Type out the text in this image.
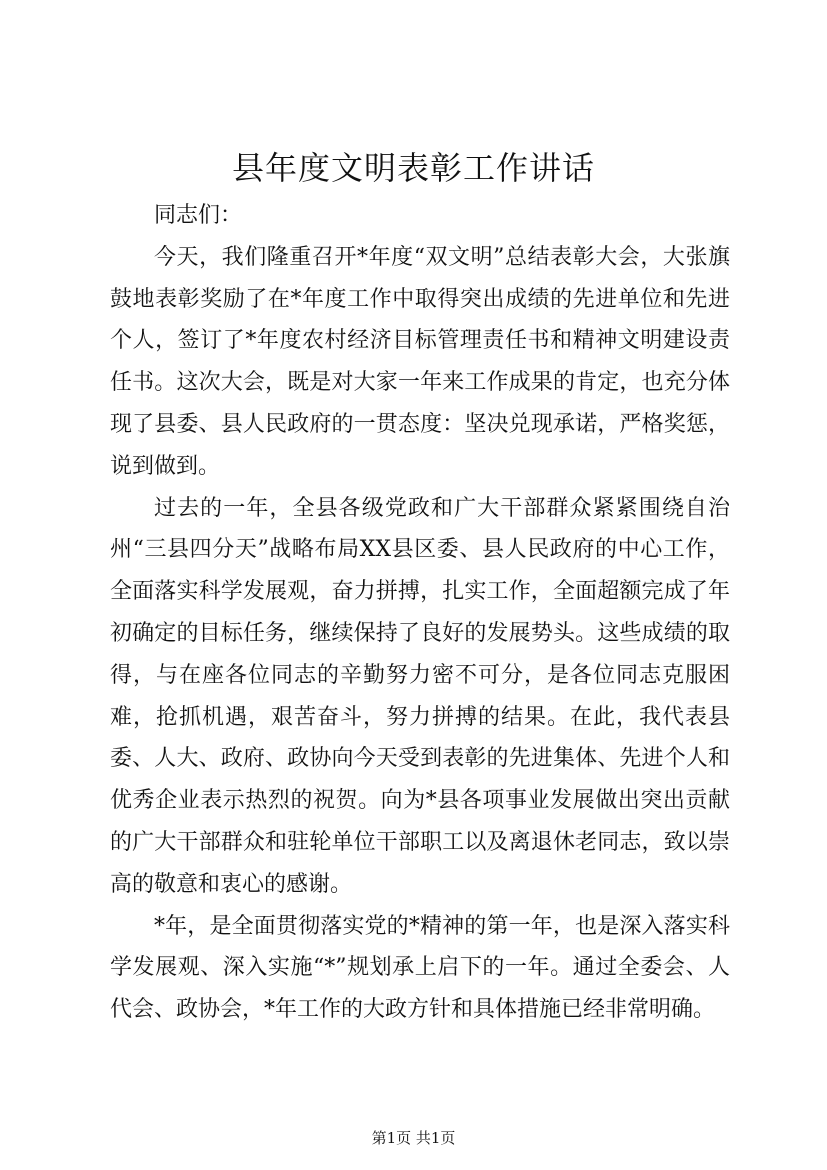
县年度文明表彰工作讲话

同志们：

今天，我们隆重召开*年度“双文明”总结表彰大会，大张旗鼓地表彰奖励了在*年度工作中取得突出成绩的先进单位和先进个人，签订了*年度农村经济目标管理责任书和精神文明建设责任书。这次大会，既是对大家一年来工作成果的肯定，也充分体现了县委、县人民政府的一贯态度：坚决兑现承诺，严格奖惩，说到做到。

过去的一年，全县各级党政和广大干部群众紧紧围绕自治州“三县四分天”战略布局XX县区委、县人民政府的中心工作，全面落实科学发展观，奋力拼搏，扎实工作，全面超额完成了年初确定的目标任务，继续保持了良好的发展势头。这些成绩的取得，与在座各位同志的辛勤努力密不可分，是各位同志克服困难，抢抓机遇，艰苦奋斗，努力拼搏的结果。在此，我代表县委、人大、政府、政协向今天受到表彰的先进集体、先进个人和优秀企业表示热烈的祝贺。向为*县各项事业发展做出突出贡献的广大干部群众和驻轮单位干部职工以及离退休老同志，致以崇高的敬意和衷心的感谢。

*年，是全面贯彻落实党的*精神的第一年，也是深入落实科学发展观、深入实施“*”规划承上启下的一年。通过全委会、人代会、政协会，*年工作的大政方针和具体措施已经非常明确。

第1页 共1页
